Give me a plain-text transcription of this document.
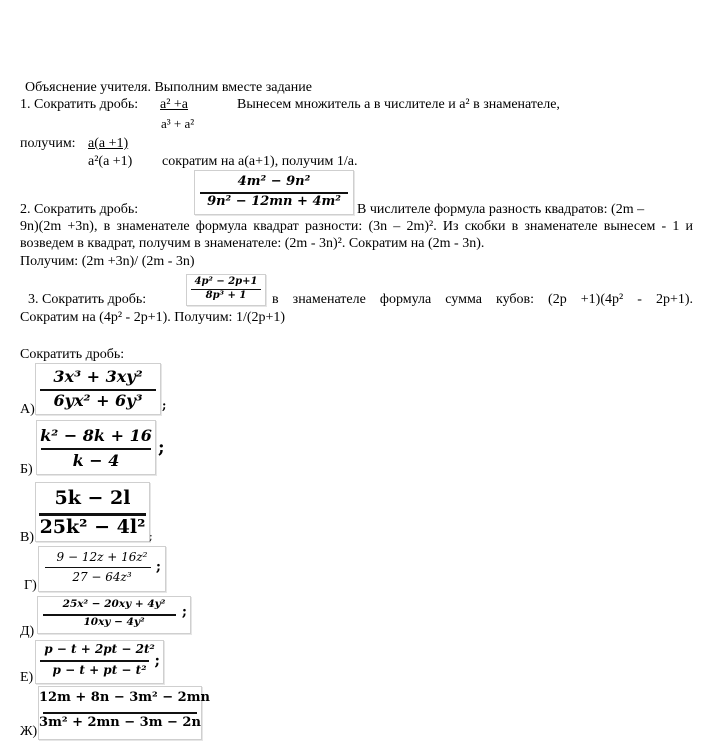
Объяснение учителя. Выполним вместе задание
1. Сократить дробь: a² +a
a³ + a²
Вынесем множитель а в числителе и а² в знаменателе,
получим: а(а +1)
а²(а +1) сократим на а(а+1), получим 1/а.
2. Сократить дробь:
4m² − 9n²
9n² − 12mn + 4m²
В числителе формула разность квадратов: (2m –
9n)(2m +3n), в знаменателе формула квадрат разности: (3n – 2m)². Из скобки в знаменателе вынесем - 1 и возведем в квадрат, получим в знаменателе: (2m - 3n)². Сократим на (2m - 3n).
Получим: (2m +3n)/ (2m - 3n)
3. Сократить дробь:
4p² − 2p+1
8p³ + 1	в знаменателе формула сумма кубов: (2p +1)(4p² - 2p+1).
Сократим на (4p² - 2p+1). Получим: 1/(2p+1)
Сократить дробь:
А)
3x³ + 3xy²
6yx² + 6y³	;
Б)
k² − 8k + 16
k − 4
;
В)
5k − 2l
25k² − 4l² ;
Г)
9 − 12z + 16z²
27 − 64z³
;
Д)
25x² − 20xy + 4y²
10xy − 4y²
;
Е)
p − t + 2pt − 2t²
p − t + pt − t²
;
Ж)
12m + 8n − 3m² − 2mn
3m² + 2mn − 3m − 2n
